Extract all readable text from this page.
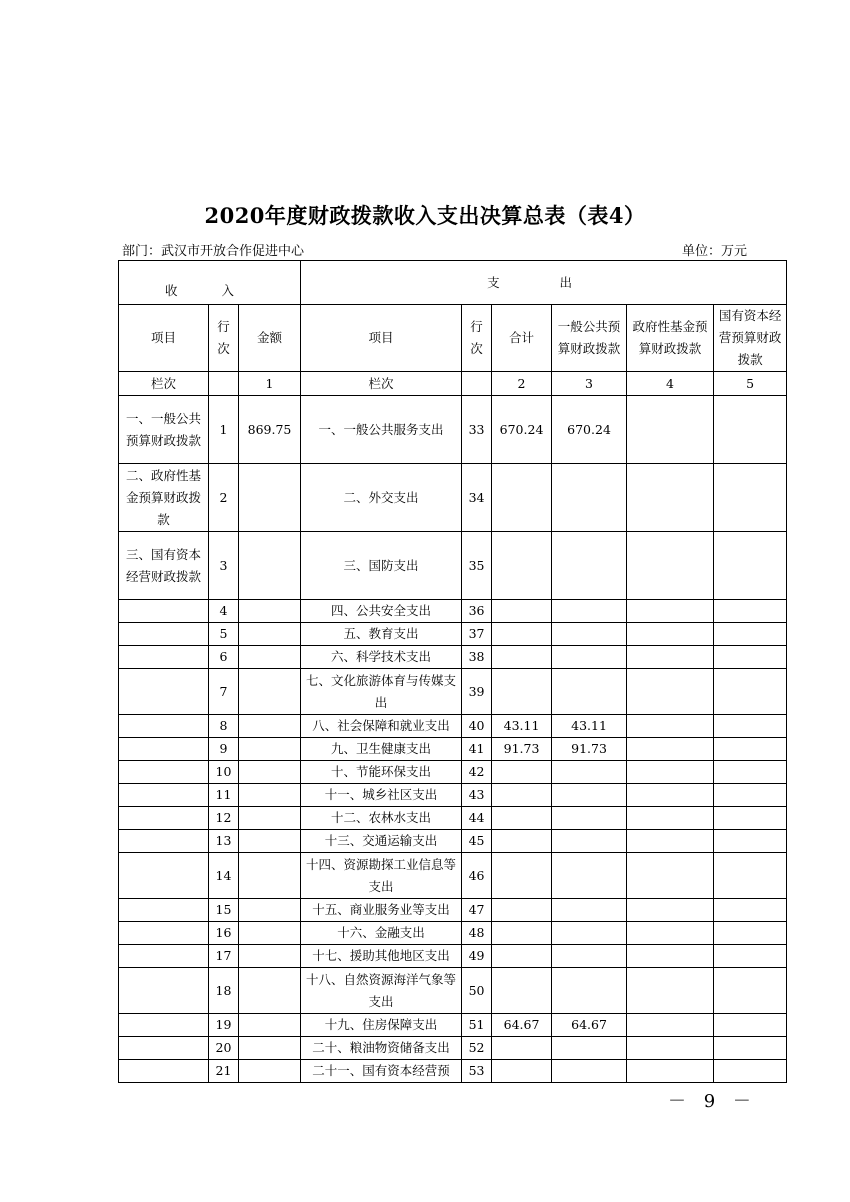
2020年度财政拨款收入支出决算总表（表4）
部门：武汉市开放合作促进中心	单位：万元
收 入			支 出					
项目	行次	金额	项目	行次	合计	一般公共预算财政拨款	政府性基金预算财政拨款	国有资本经营预算财政拨款
栏次		1	栏次		2	3	4	5
一、一般公共预算财政拨款	1	869.75	一、一般公共服务支出	33	670.24	670.24		
二、政府性基金预算财政拨款	2		二、外交支出	34				
三、国有资本经营财政拨款	3		三、国防支出	35				
	4		四、公共安全支出	36				
	5		五、教育支出	37				
	6		六、科学技术支出	38				
	7		七、文化旅游体育与传媒支出	39				
	8		八、社会保障和就业支出	40	43.11	43.11		
	9		九、卫生健康支出	41	91.73	91.73		
	10		十、节能环保支出	42				
	11		十一、城乡社区支出	43				
	12		十二、农林水支出	44				
	13		十三、交通运输支出	45				
	14		十四、资源勘探工业信息等支出	46				
	15		十五、商业服务业等支出	47				
	16		十六、金融支出	48				
	17		十七、援助其他地区支出	49				
	18		十八、自然资源海洋气象等支出	50				
	19		十九、住房保障支出	51	64.67	64.67		
	20		二十、粮油物资储备支出	52				
	21		二十一、国有资本经营预	53				
－ 9 －
